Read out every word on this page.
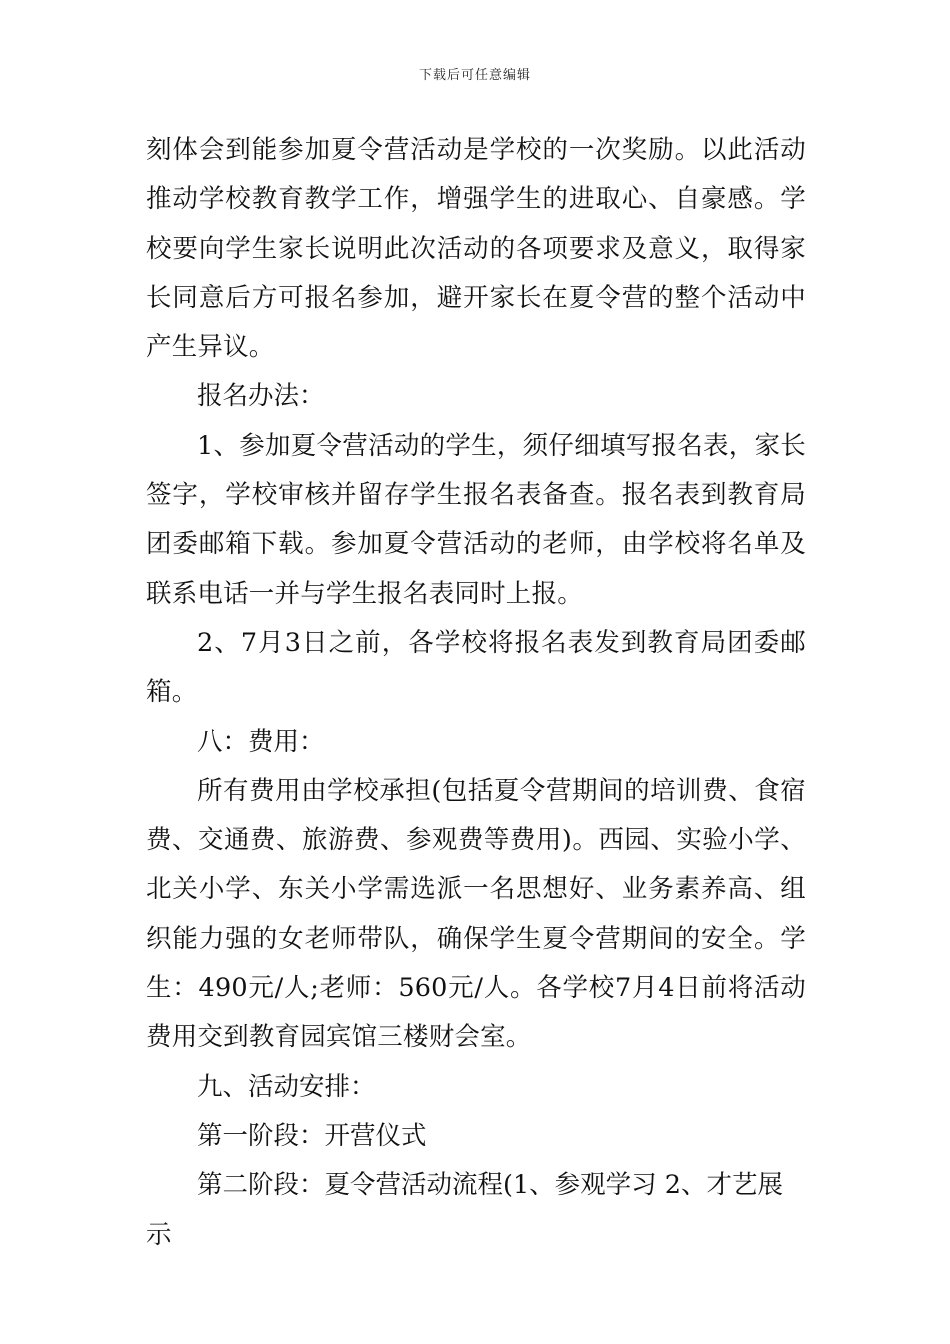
下载后可任意编辑

刻体会到能参加夏令营活动是学校的一次奖励。以此活动推动学校教育教学工作，增强学生的进取心、自豪感。学校要向学生家长说明此次活动的各项要求及意义，取得家长同意后方可报名参加，避开家长在夏令营的整个活动中产生异议。

报名办法：

1、参加夏令营活动的学生，须仔细填写报名表，家长签字，学校审核并留存学生报名表备查。报名表到教育局团委邮箱下载。参加夏令营活动的老师，由学校将名单及联系电话一并与学生报名表同时上报。

2、7月3日之前，各学校将报名表发到教育局团委邮箱。

八：费用：

所有费用由学校承担(包括夏令营期间的培训费、食宿费、交通费、旅游费、参观费等费用)。西园、实验小学、北关小学、东关小学需选派一名思想好、业务素养高、组织能力强的女老师带队，确保学生夏令营期间的安全。学生：490元/人;老师：560元/人。各学校7月4日前将活动费用交到教育园宾馆三楼财会室。

九、活动安排：

第一阶段：开营仪式

第二阶段：夏令营活动流程(1、参观学习 2、才艺展示
